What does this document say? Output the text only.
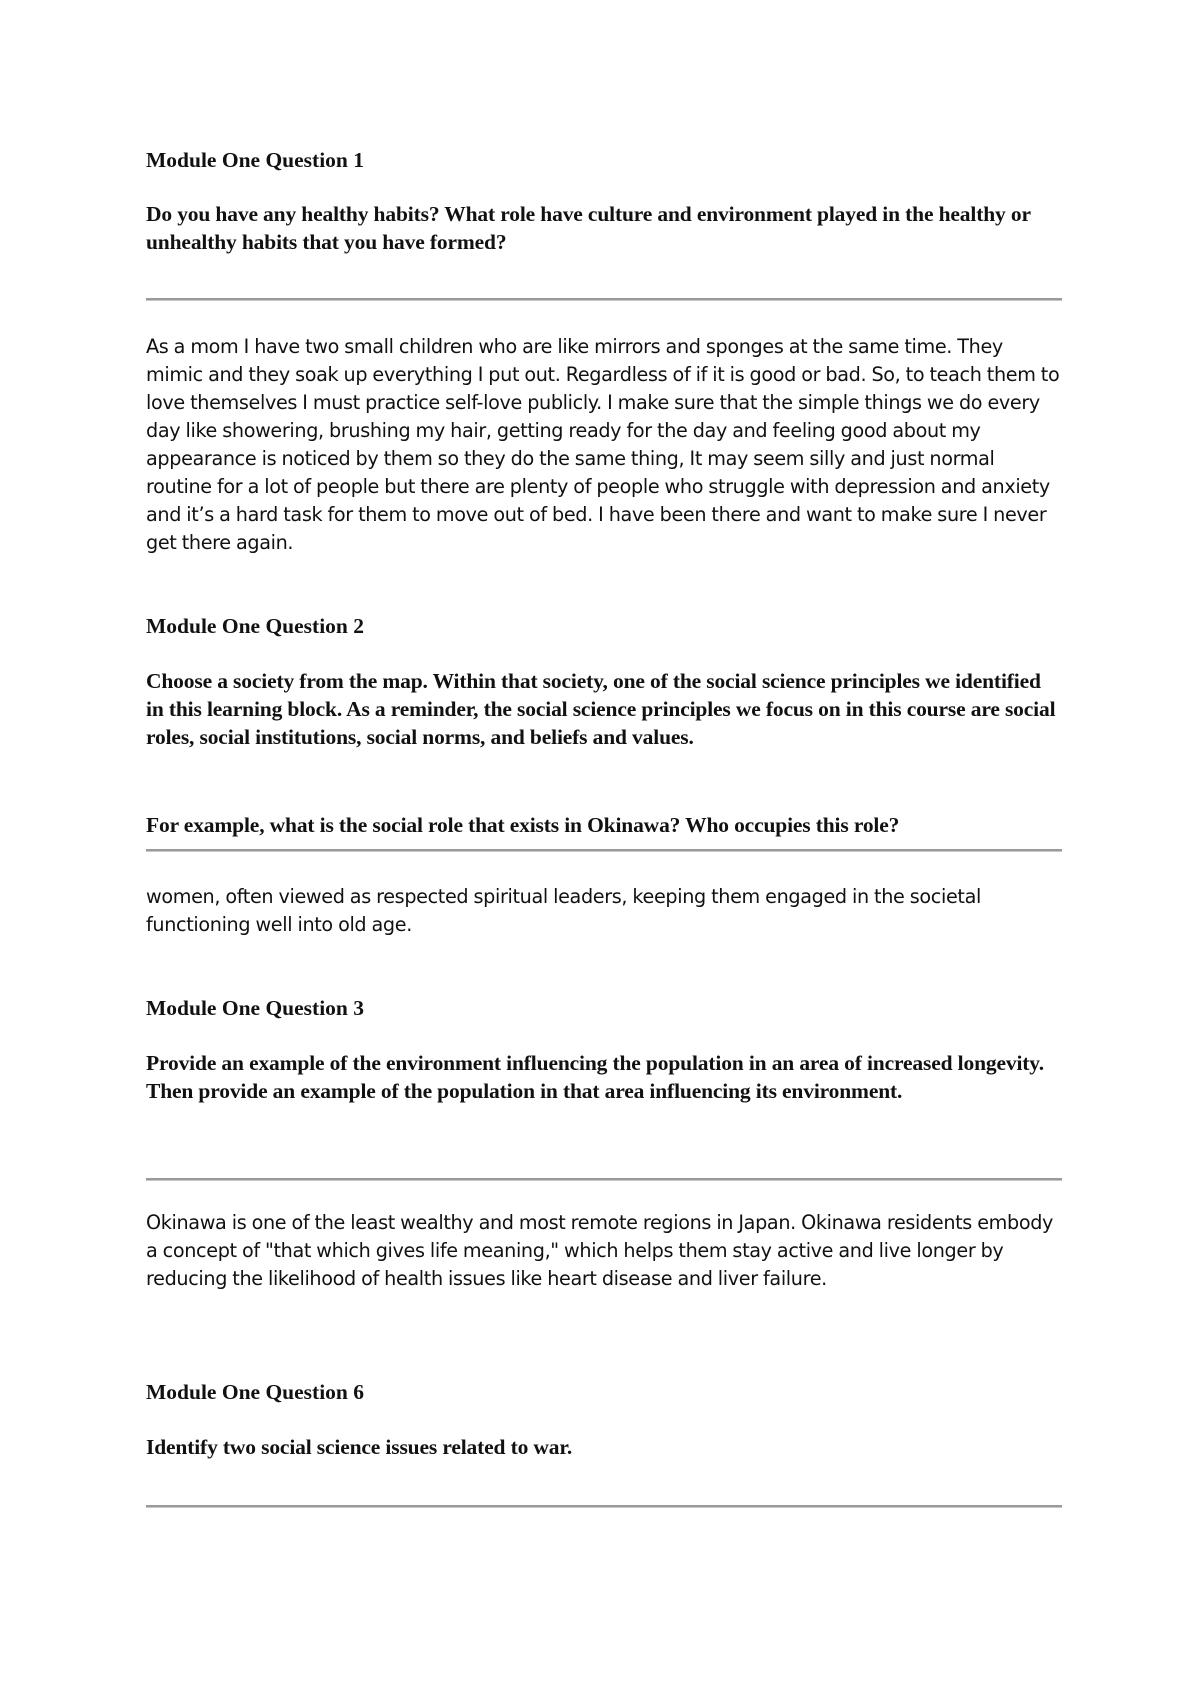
Module One Question 1
Do you have any healthy habits? What role have culture and environment played in the healthy or unhealthy habits that you have formed?
As a mom I have two small children who are like mirrors and sponges at the same time. They mimic and they soak up everything I put out. Regardless of if it is good or bad. So, to teach them to love themselves I must practice self-love publicly. I make sure that the simple things we do every day like showering, brushing my hair, getting ready for the day and feeling good about my appearance is noticed by them so they do the same thing, It may seem silly and just normal routine for a lot of people but there are plenty of people who struggle with depression and anxiety and it’s a hard task for them to move out of bed. I have been there and want to make sure I never get there again.
Module One Question 2
Choose a society from the map. Within that society, one of the social science principles we identified in this learning block. As a reminder, the social science principles we focus on in this course are social roles, social institutions, social norms, and beliefs and values.
For example, what is the social role that exists in Okinawa? Who occupies this role?
women, often viewed as respected spiritual leaders, keeping them engaged in the societal functioning well into old age.
Module One Question 3
Provide an example of the environment influencing the population in an area of increased longevity. Then provide an example of the population in that area influencing its environment.
Okinawa is one of the least wealthy and most remote regions in Japan. Okinawa residents embody a concept of "that which gives life meaning," which helps them stay active and live longer by reducing the likelihood of health issues like heart disease and liver failure.
Module One Question 6
Identify two social science issues related to war.
